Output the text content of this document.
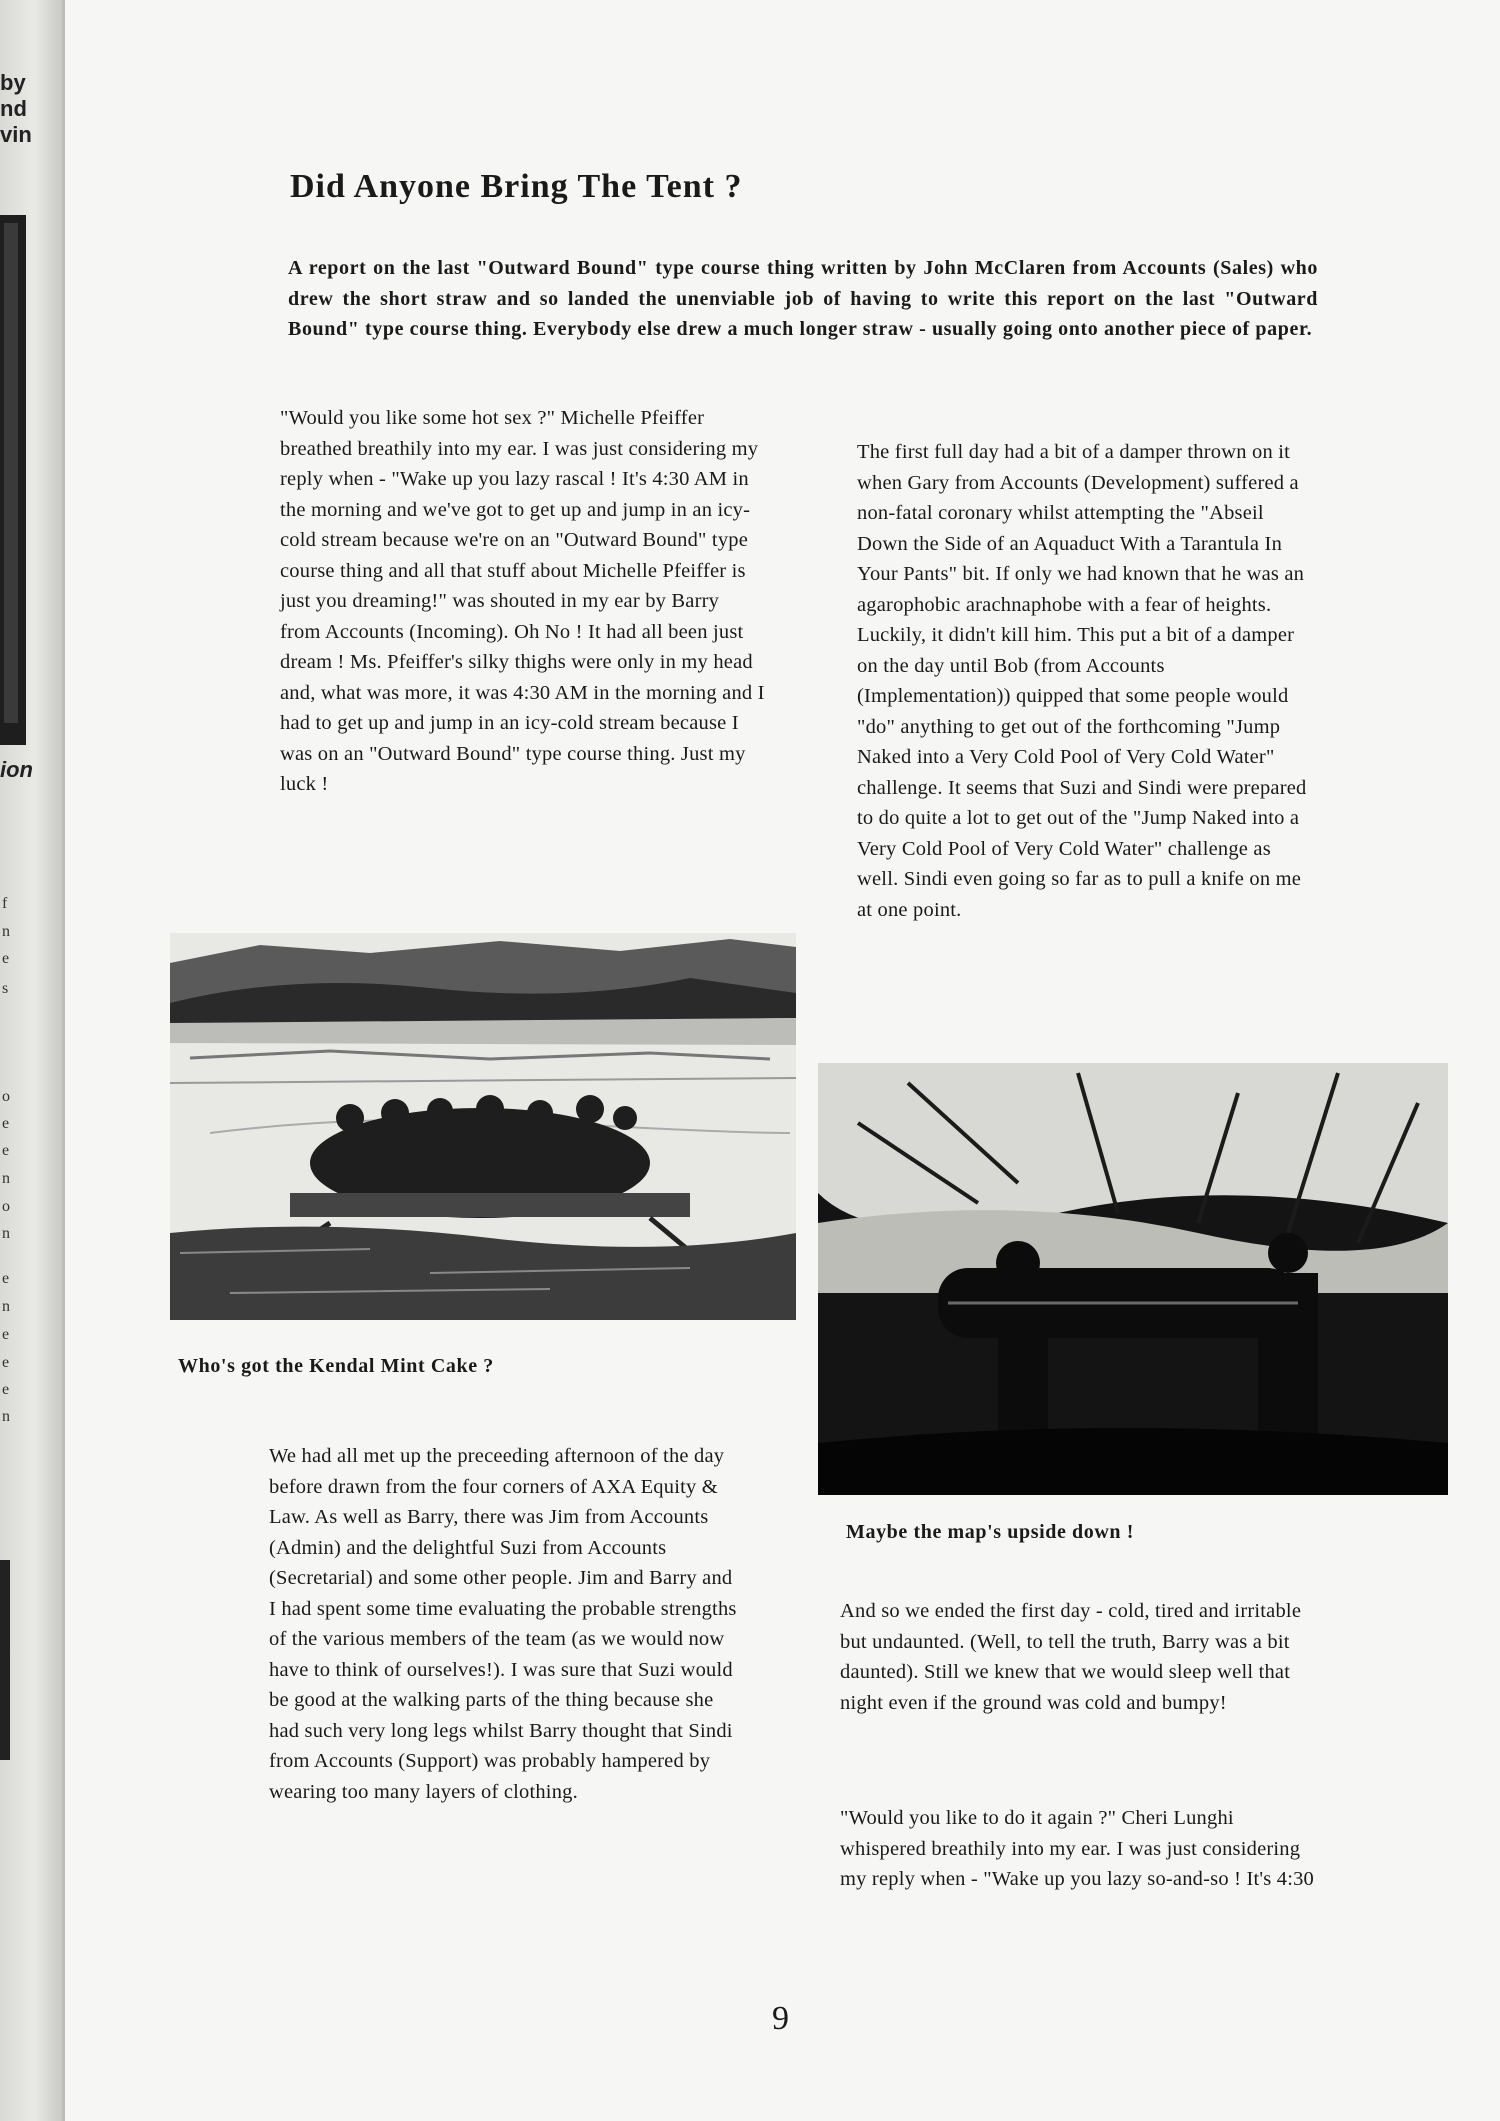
by
nd
vin
ion
f
n
e
s
o
e
e
n
o
n
e
n
e
e
e
n
Did Anyone Bring The Tent ?
A report on the last "Outward Bound" type course thing written by John McClaren from Accounts (Sales) who drew the short straw and so landed the unenviable job of having to write this report on the last "Outward Bound" type course thing. Everybody else drew a much longer straw - usually going onto another piece of paper.

"Would you like some hot sex ?" Michelle Pfeiffer breathed breathily into my ear. I was just considering my reply when - "Wake up you lazy rascal ! It's 4:30 AM in the morning and we've got to get up and jump in an icy-cold stream because we're on an "Outward Bound" type course thing and all that stuff about Michelle Pfeiffer is just you dreaming!" was shouted in my ear by Barry from Accounts (Incoming). Oh No ! It had all been just dream ! Ms. Pfeiffer's silky thighs were only in my head and, what was more, it was 4:30 AM in the morning and I had to get up and jump in an icy-cold stream because I was on an "Outward Bound" type course thing. Just my luck !

The first full day had a bit of a damper thrown on it when Gary from Accounts (Development) suffered a non-fatal coronary whilst attempting the "Abseil Down the Side of an Aquaduct With a Tarantula In Your Pants" bit. If only we had known that he was an agarophobic arachnaphobe with a fear of heights. Luckily, it didn't kill him. This put a bit of a damper on the day until Bob (from Accounts (Implementation)) quipped that some people would "do" anything to get out of the forthcoming "Jump Naked into a Very Cold Pool of Very Cold Water" challenge. It seems that Suzi and Sindi were prepared to do quite a lot to get out of the "Jump Naked into a Very Cold Pool of Very Cold Water" challenge as well. Sindi even going so far as to pull a knife on me at one point.

We had all met up the preceeding afternoon of the day before drawn from the four corners of AXA Equity & Law. As well as Barry, there was Jim from Accounts (Admin) and the delightful Suzi from Accounts (Secretarial) and some other people. Jim and Barry and I had spent some time evaluating the probable strengths of the various members of the team (as we would now have to think of ourselves!). I was sure that Suzi would be good at the walking parts of the thing because she had such very long legs whilst Barry thought that Sindi from Accounts (Support) was probably hampered by wearing too many layers of clothing.

And so we ended the first day - cold, tired and irritable but undaunted. (Well, to tell the truth, Barry was a bit daunted). Still we knew that we would sleep well that night even if the ground was cold and bumpy!

"Would you like to do it again ?" Cheri Lunghi whispered breathily into my ear. I was just considering my reply when - "Wake up you lazy so-and-so ! It's 4:30

Who's got the Kendal Mint Cake ?
Maybe the map's upside down !
9
